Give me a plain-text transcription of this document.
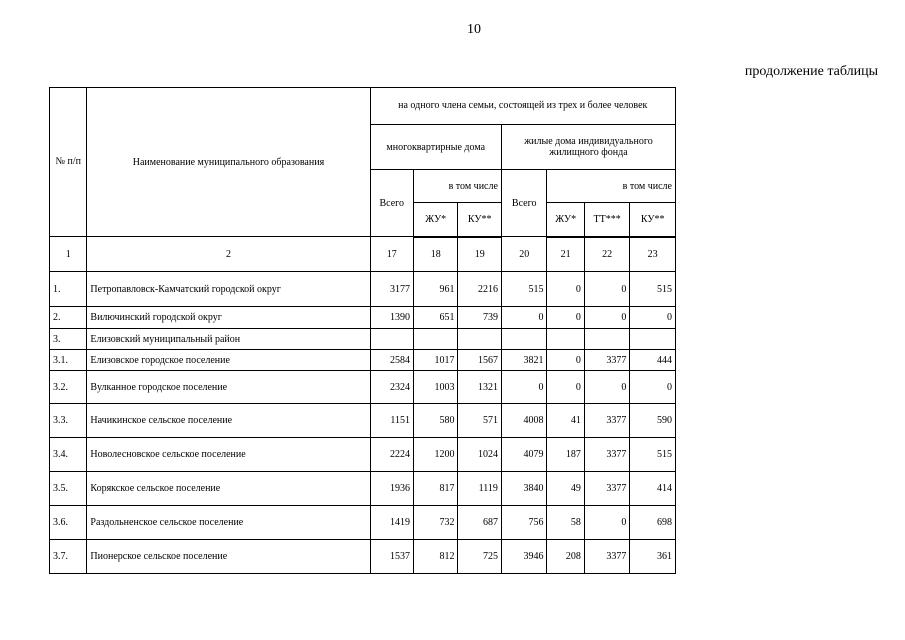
10
продолжение таблицы
№ п/п	Наименование муниципального образования	на одного члена семьи, состоящей из трех и более человек						
		многоквартирные дома			жилые дома индивидуального жилищного фонда			
		Всего	в том числе		Всего	в том числе		
			ЖУ*	КУ**		ЖУ*	ТТ***	КУ**
1	2	17	18	19	20	21	22	23
1.	Петропавловск-Камчатский городской округ	3177	961	2216	515	0	0	515
2.	Вилючинский городской округ	1390	651	739	0	0	0	0
3.	Елизовский муниципальный район							
3.1.	Елизовское городское поселение	2584	1017	1567	3821	0	3377	444
3.2.	Вулканное городское поселение	2324	1003	1321	0	0	0	0
3.3.	Начикинское сельское поселение	1151	580	571	4008	41	3377	590
3.4.	Новолесновское сельское поселение	2224	1200	1024	4079	187	3377	515
3.5.	Корякское сельское поселение	1936	817	1119	3840	49	3377	414
3.6.	Раздольненское сельское поселение	1419	732	687	756	58	0	698
3.7.	Пионерское сельское поселение	1537	812	725	3946	208	3377	361
